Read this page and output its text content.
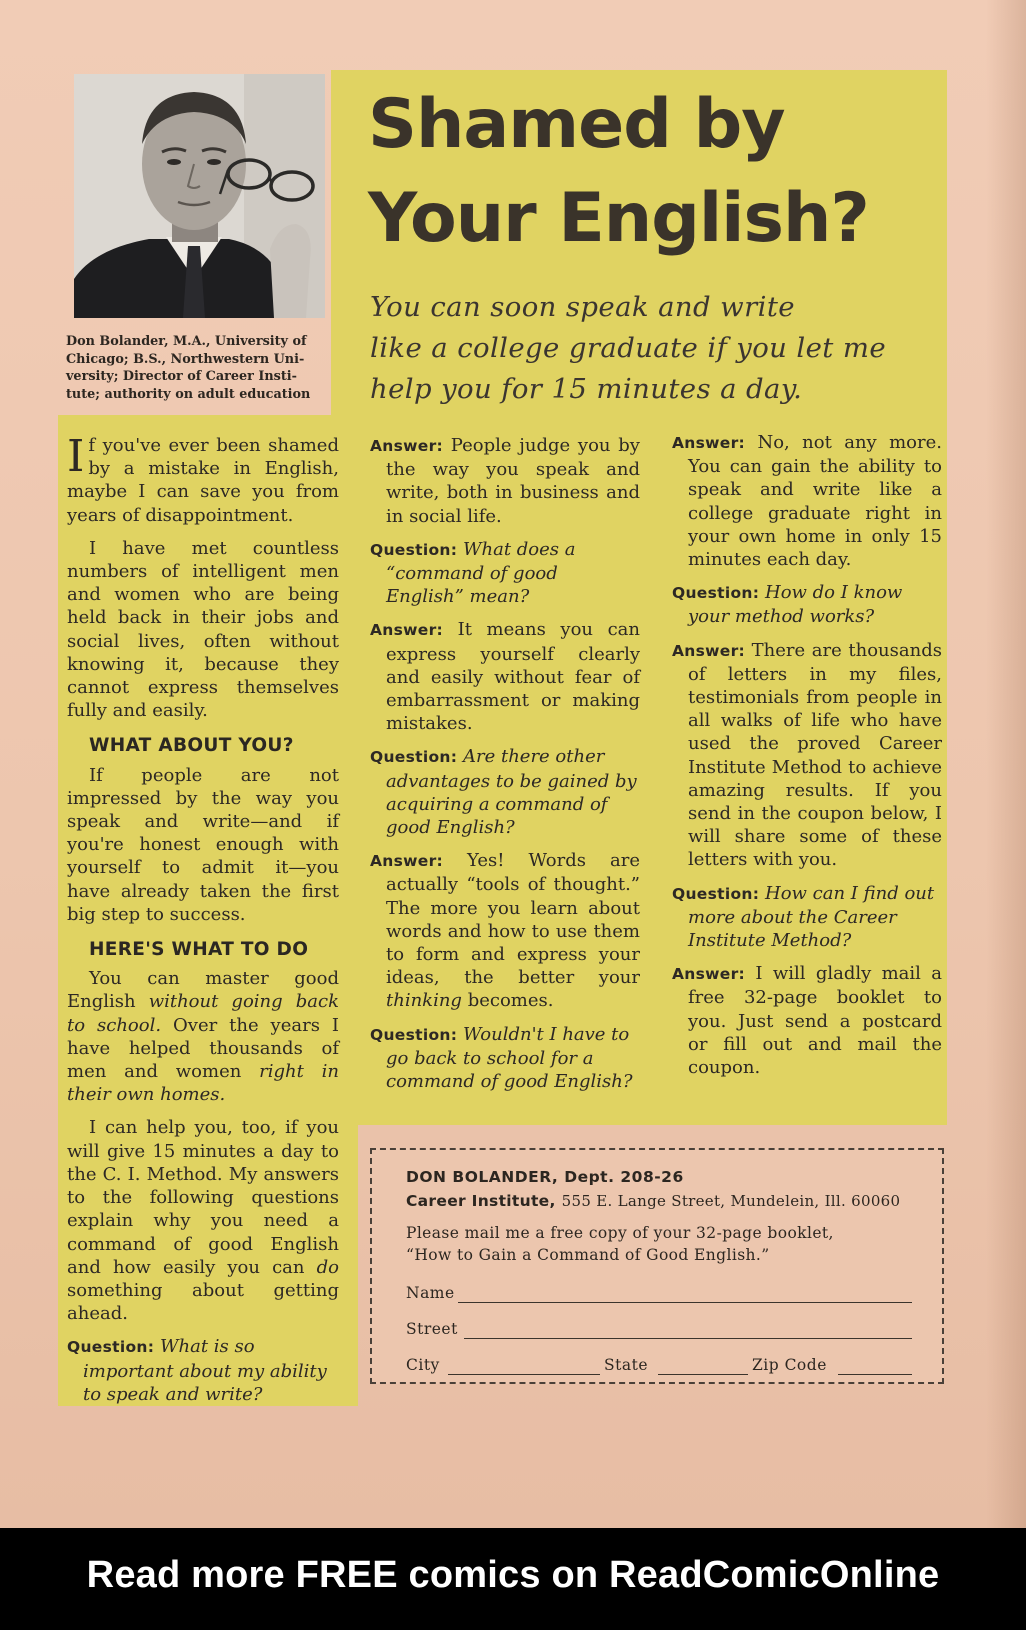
Don Bolander, M.A., University of
Chicago; B.S., Northwestern Uni-
versity; Director of Career Insti-
tute; authority on adult education
Shamed by
Your English?
You can soon speak and write
like a college graduate if you let me
help you for 15 minutes a day.

If you've ever been shamed by a mistake in English, maybe I can save you from years of disappointment.

I have met countless numbers of intelligent men and women who are being held back in their jobs and social lives, often without knowing it, because they cannot express themselves fully and easily.

WHAT ABOUT YOU?

If people are not impressed by the way you speak and write—and if you're honest enough with yourself to admit it—you have already taken the first big step to success.

HERE'S WHAT TO DO

You can master good English without going back to school. Over the years I have helped thousands of men and women right in their own homes.

I can help you, too, if you will give 15 minutes a day to the C. I. Method. My answers to the following questions explain why you need a command of good English and how easily you can do something about getting ahead.

Question: What is so important about my ability to speak and write?

Answer: People judge you by the way you speak and write, both in business and in social life.

Question: What does a “command of good English” mean?

Answer: It means you can express yourself clearly and easily without fear of embarrassment or making mistakes.

Question: Are there other advantages to be gained by acquiring a command of good English?

Answer: Yes! Words are actually “tools of thought.” The more you learn about words and how to use them to form and express your ideas, the better your thinking becomes.

Question: Wouldn't I have to go back to school for a command of good English?

Answer: No, not any more. You can gain the ability to speak and write like a college graduate right in your own home in only 15 minutes each day.

Question: How do I know your method works?

Answer: There are thousands of letters in my files, testimonials from people in all walks of life who have used the proved Career Institute Method to achieve amazing results. If you send in the coupon below, I will share some of these letters with you.

Question: How can I find out more about the Career Institute Method?

Answer: I will gladly mail a free 32-page booklet to you. Just send a postcard or fill out and mail the coupon.

DON BOLANDER, Dept. 208-26
Career Institute, 555 E. Lange Street, Mundelein, Ill. 60060
Please mail me a free copy of your 32-page booklet,
“How to Gain a Command of Good English.”
Name
Street
City	State	Zip Code
Read more FREE comics on ReadComicOnline
